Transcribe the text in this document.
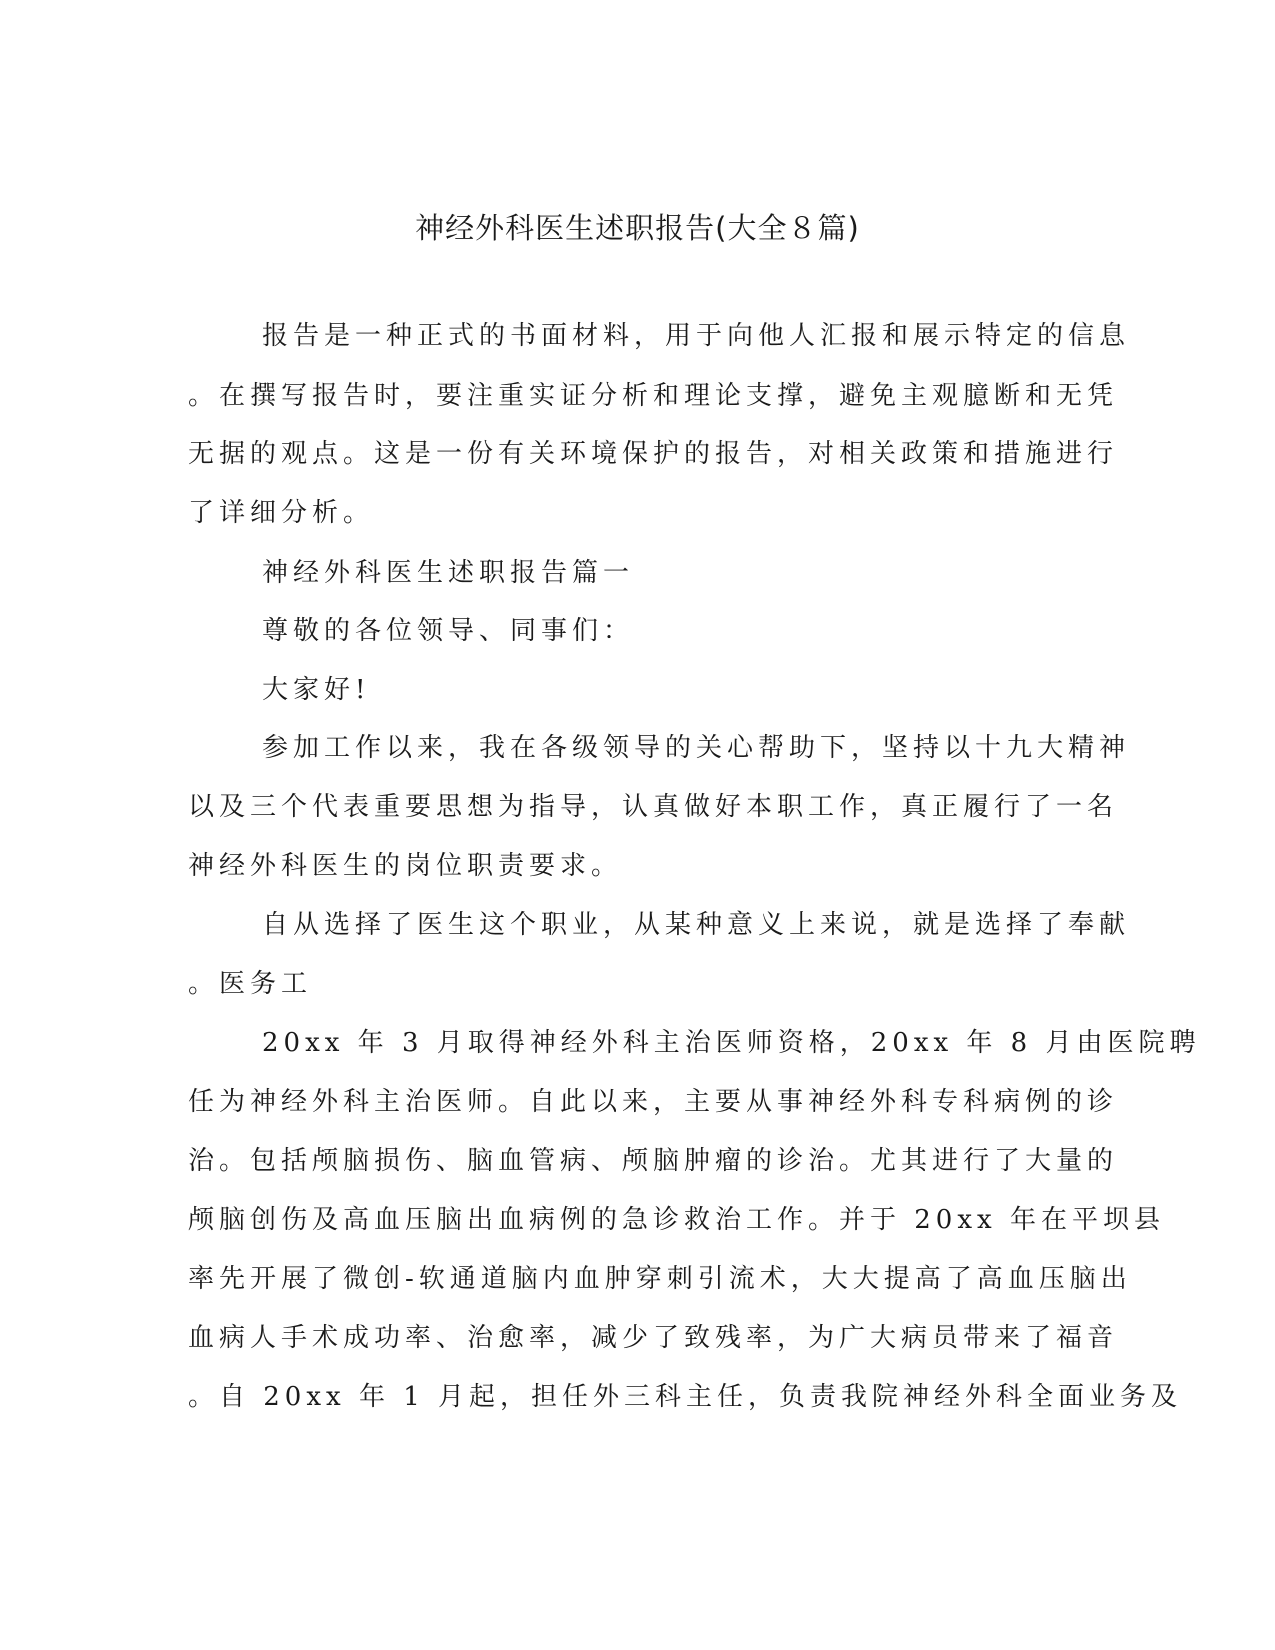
神经外科医生述职报告(大全８篇)
报告是一种正式的书面材料，用于向他人汇报和展示特定的信息
。在撰写报告时，要注重实证分析和理论支撑，避免主观臆断和无凭
无据的观点。这是一份有关环境保护的报告，对相关政策和措施进行
了详细分析。
神经外科医生述职报告篇一
尊敬的各位领导、同事们：
大家好!
参加工作以来，我在各级领导的关心帮助下，坚持以十九大精神
以及三个代表重要思想为指导，认真做好本职工作，真正履行了一名
神经外科医生的岗位职责要求。
自从选择了医生这个职业，从某种意义上来说，就是选择了奉献
。医务工
20xx 年 3 月取得神经外科主治医师资格，20xx 年 8 月由医院聘
任为神经外科主治医师。自此以来，主要从事神经外科专科病例的诊
治。包括颅脑损伤、脑血管病、颅脑肿瘤的诊治。尤其进行了大量的
颅脑创伤及高血压脑出血病例的急诊救治工作。并于 20xx 年在平坝县
率先开展了微创-软通道脑内血肿穿刺引流术，大大提高了高血压脑出
血病人手术成功率、治愈率，减少了致残率，为广大病员带来了福音
。自 20xx 年 1 月起，担任外三科主任，负责我院神经外科全面业务及
